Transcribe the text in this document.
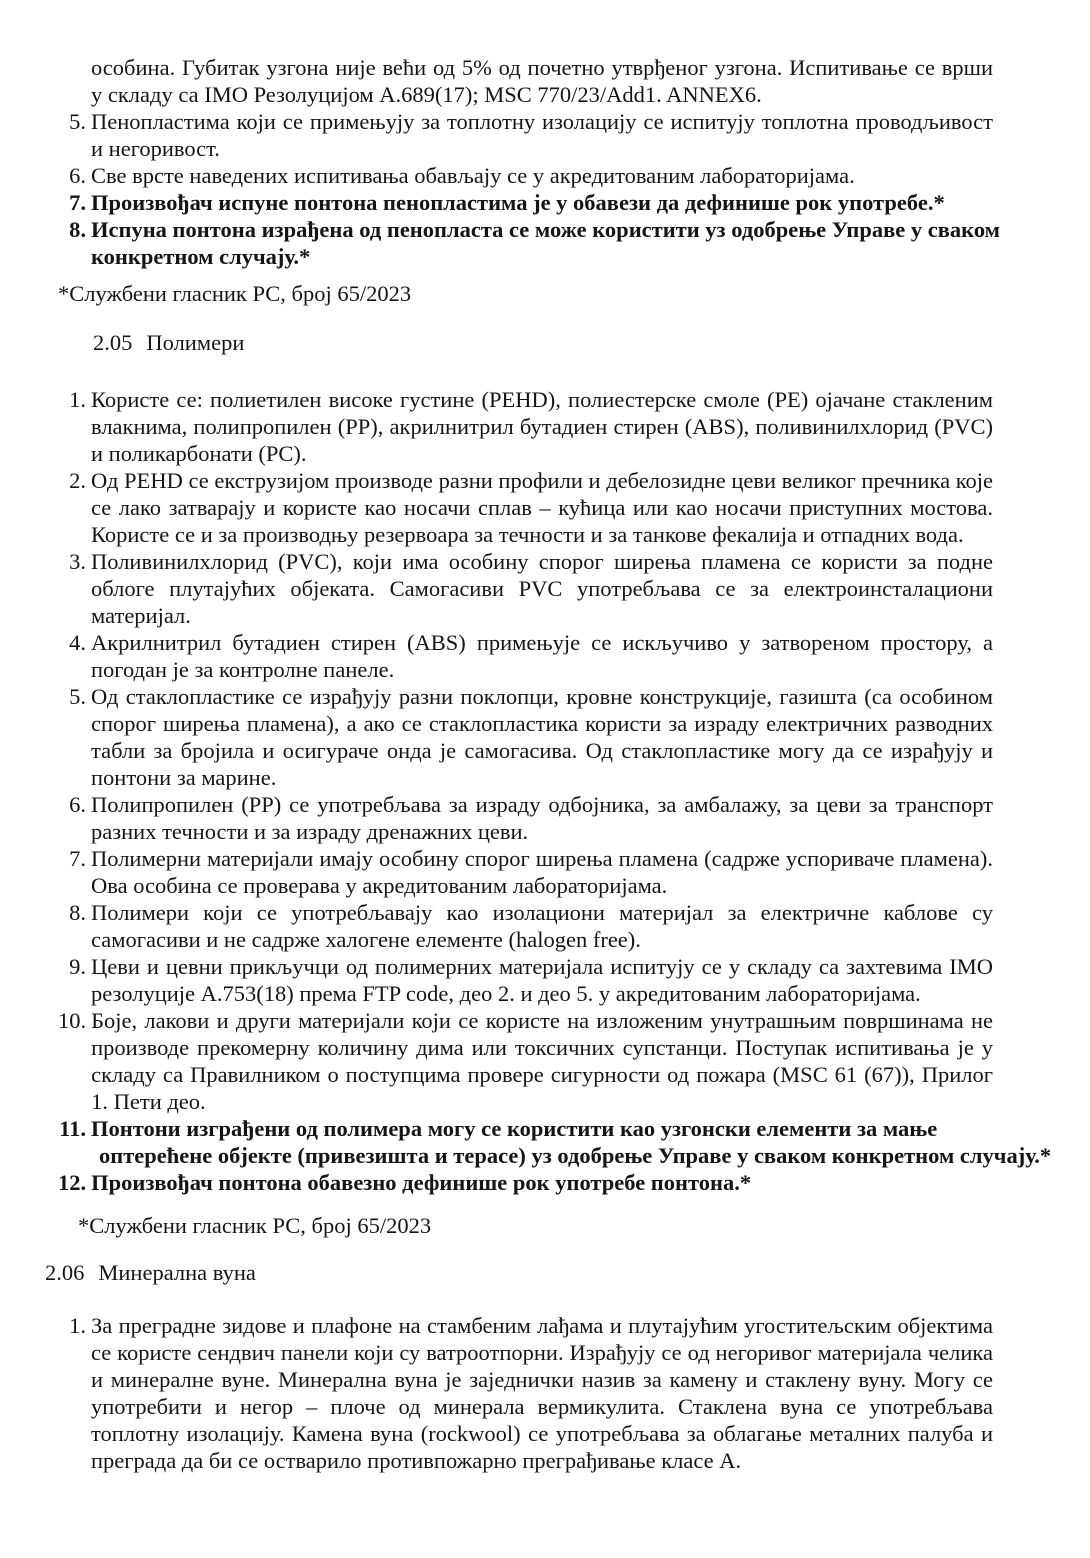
особина. Губитак узгона није већи од 5% од почетно утврђеног узгона. Испитивање се врши у складу са IMO Резолуцијом A.689(17); MSC 770/23/Add1. ANNEX6.
5. Пенопластима који се примењују за топлотну изолацију се испитују топлотна проводљивост и негоривост.
6. Све врсте наведених испитивања обављају се у акредитованим лабораторијама.
7. Произвођач испуне понтона пенопластима је у обавези да дефинише рок употребе.*
8. Испуна понтона израђена од пенопласта се може користити уз одобрење Управе у сваком
конкретном случају.*
*Службени гласник РС, број 65/2023
2.05 Полимери
1. Користе се: полиетилен високе густине (PEHD), полиестерске смоле (PE) ојачане стакленим влакнима, полипропилен (PP), акрилнитрил бутадиен стирен (ABS), поливинилхлорид (PVC) и поликарбонати (PC).
2. Од PEHD се екструзијом производе разни профили и дебелозидне цеви великог пречника које се лако затварају и користе као носачи сплав – кућица или као носачи приступних мостова. Користе се и за производњу резервоара за течности и за танкове фекалија и отпадних вода.
3. Поливинилхлорид (PVC), који има особину спорог ширења пламена се користи за подне облоге плутајућих објеката. Самогасиви PVC употребљава се за електроинсталациони материјал.
4. Акрилнитрил бутадиен стирен (ABS) примењује се искључиво у затвореном простору, а погодан је за контролне панеле.
5. Од стаклопластике се израђују разни поклопци, кровне конструкције, газишта (са особином спорог ширења пламена), а ако се стаклопластика користи за израду електричних разводних табли за бројила и осигураче онда је самогасива. Од стаклопластике могу да се израђују и понтони за марине.
6. Полипропилен (PP) се употребљава за израду одбојника, за амбалажу, за цеви за транспорт разних течности и за израду дренажних цеви.
7. Полимерни материјали имају особину спорог ширења пламена (садрже успориваче пламена). Ова особина се проверава у акредитованим лабораторијама.
8. Полимери који се употребљавају као изолациони материјал за електричне каблове су самогасиви и не садрже халогене елементе (halogen free).
9. Цеви и цевни прикључци од полимерних материјала испитују се у складу са захтевима IMO резолуције A.753(18) према FTP code, део 2. и део 5. у акредитованим лабораторијама.
10. Боје, лакови и други материјали који се користе на изложеним унутрашњим површинама не производе прекомерну количину дима или токсичних супстанци. Поступак испитивања је у складу са Правилником о поступцима провере сигурности од пожара (MSC 61 (67)), Прилог 1. Пети део.
11. Понтони изграђени од полимера могу се користити као узгонски елементи за мање
оптерећене објекте (привезишта и терасе) уз одобрење Управе у сваком конкретном случају.*
12. Произвођач понтона обавезно дефинише рок употребе понтона.*
*Службени гласник РС, број 65/2023
2.06 Минерална вуна
1. За преградне зидове и плафоне на стамбеним лађама и плутајућим угоститељским објектима се користе сендвич панели који су ватроотпорни. Израђују се од негоривог материјала челика и минералне вуне. Минерална вуна је заједнички назив за камену и стаклену вуну. Могу се употребити и негор – плоче од минерала вермикулита. Стаклена вуна се употребљава топлотну изолацију. Камена вуна (rockwool) се употребљава за облагање металних палуба и преграда да би се остварило противпожарно преграђивање класе А.
